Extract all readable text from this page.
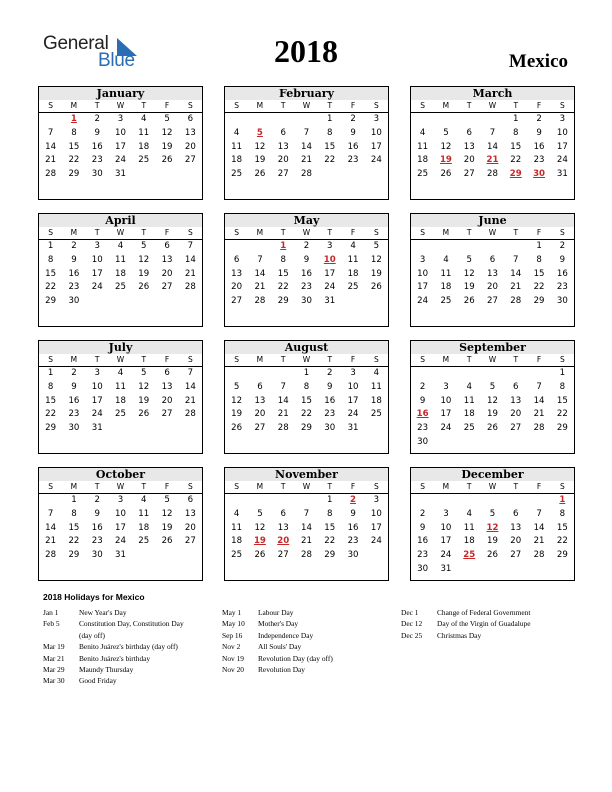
General
Blue	2018	Mexico
January
S	M	T	W	T	F	S
	1	2	3	4	5	6
7	8	9	10	11	12	13
14	15	16	17	18	19	20
21	22	23	24	25	26	27
28	29	30	31			
February
S	M	T	W	T	F	S
				1	2	3
4	5	6	7	8	9	10
11	12	13	14	15	16	17
18	19	20	21	22	23	24
25	26	27	28			
March
S	M	T	W	T	F	S
				1	2	3
4	5	6	7	8	9	10
11	12	13	14	15	16	17
18	19	20	21	22	23	24
25	26	27	28	29	30	31
April
S	M	T	W	T	F	S
1	2	3	4	5	6	7
8	9	10	11	12	13	14
15	16	17	18	19	20	21
22	23	24	25	26	27	28
29	30					
May
S	M	T	W	T	F	S
		1	2	3	4	5
6	7	8	9	10	11	12
13	14	15	16	17	18	19
20	21	22	23	24	25	26
27	28	29	30	31		
June
S	M	T	W	T	F	S
					1	2
3	4	5	6	7	8	9
10	11	12	13	14	15	16
17	18	19	20	21	22	23
24	25	26	27	28	29	30
July
S	M	T	W	T	F	S
1	2	3	4	5	6	7
8	9	10	11	12	13	14
15	16	17	18	19	20	21
22	23	24	25	26	27	28
29	30	31				
August
S	M	T	W	T	F	S
			1	2	3	4
5	6	7	8	9	10	11
12	13	14	15	16	17	18
19	20	21	22	23	24	25
26	27	28	29	30	31	
September
S	M	T	W	T	F	S
						1
2	3	4	5	6	7	8
9	10	11	12	13	14	15
16	17	18	19	20	21	22
23	24	25	26	27	28	29
30						
October
S	M	T	W	T	F	S
	1	2	3	4	5	6
7	8	9	10	11	12	13
14	15	16	17	18	19	20
21	22	23	24	25	26	27
28	29	30	31			
November
S	M	T	W	T	F	S
				1	2	3
4	5	6	7	8	9	10
11	12	13	14	15	16	17
18	19	20	21	22	23	24
25	26	27	28	29	30	
December
S	M	T	W	T	F	S
						1
2	3	4	5	6	7	8
9	10	11	12	13	14	15
16	17	18	19	20	21	22
23	24	25	26	27	28	29
30	31					
2018 Holidays for Mexico
Jan 1	New Year's Day
Feb 5	Constitution Day, Constitution Day
(day off)
Mar 19	Benito Juárez's birthday (day off)
Mar 21	Benito Juárez's birthday
Mar 29	Maundy Thursday
Mar 30	Good Friday
May 1	Labour Day
May 10	Mother's Day
Sep 16	Independence Day
Nov 2	All Souls' Day
Nov 19	Revolution Day (day off)
Nov 20	Revolution Day
Dec 1	Change of Federal Government
Dec 12	Day of the Virgin of Guadalupe
Dec 25	Christmas Day
